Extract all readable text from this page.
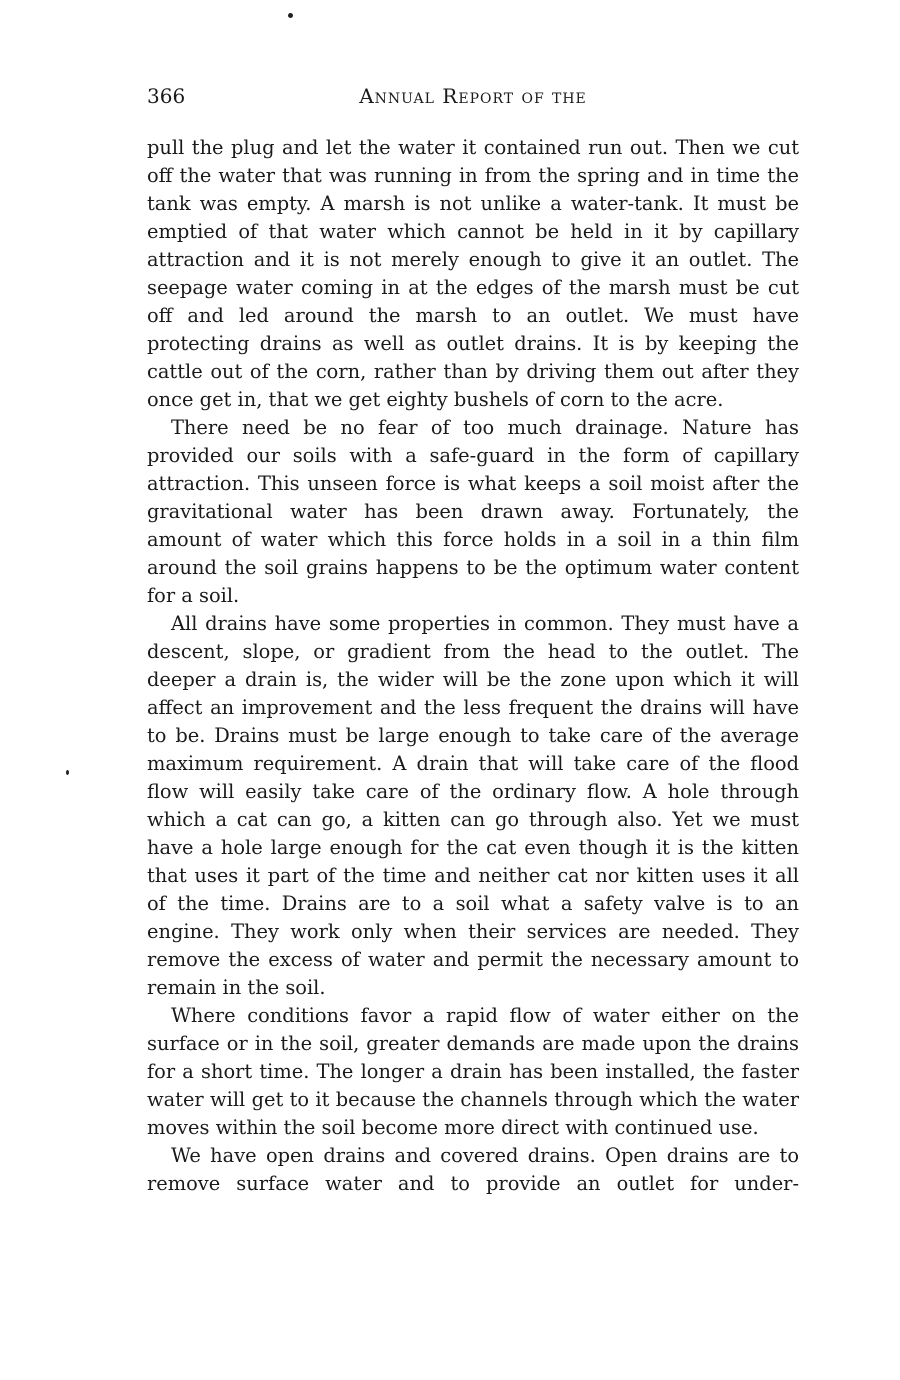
366	Annual Report of the

pull the plug and let the water it contained run out. Then we cut off the water that was running in from the spring and in time the tank was empty. A marsh is not unlike a water-tank. It must be emptied of that water which cannot be held in it by capillary attraction and it is not merely enough to give it an outlet. The seepage water coming in at the edges of the marsh must be cut off and led around the marsh to an outlet. We must have protecting drains as well as outlet drains. It is by keeping the cattle out of the corn, rather than by driving them out after they once get in, that we get eighty bushels of corn to the acre.

There need be no fear of too much drainage. Nature has provided our soils with a safe-guard in the form of capillary attraction. This unseen force is what keeps a soil moist after the gravitational water has been drawn away. Fortunately, the amount of water which this force holds in a soil in a thin film around the soil grains happens to be the optimum water content for a soil.

All drains have some properties in common. They must have a descent, slope, or gradient from the head to the outlet. The deeper a drain is, the wider will be the zone upon which it will affect an improvement and the less frequent the drains will have to be. Drains must be large enough to take care of the average maximum requirement. A drain that will take care of the flood flow will easily take care of the ordinary flow. A hole through which a cat can go, a kitten can go through also. Yet we must have a hole large enough for the cat even though it is the kitten that uses it part of the time and neither cat nor kitten uses it all of the time. Drains are to a soil what a safety valve is to an engine. They work only when their services are needed. They remove the excess of water and permit the necessary amount to remain in the soil.

Where conditions favor a rapid flow of water either on the surface or in the soil, greater demands are made upon the drains for a short time. The longer a drain has been installed, the faster water will get to it because the channels through which the water moves within the soil become more direct with continued use.

We have open drains and covered drains. Open drains are to remove surface water and to provide an outlet for under-
